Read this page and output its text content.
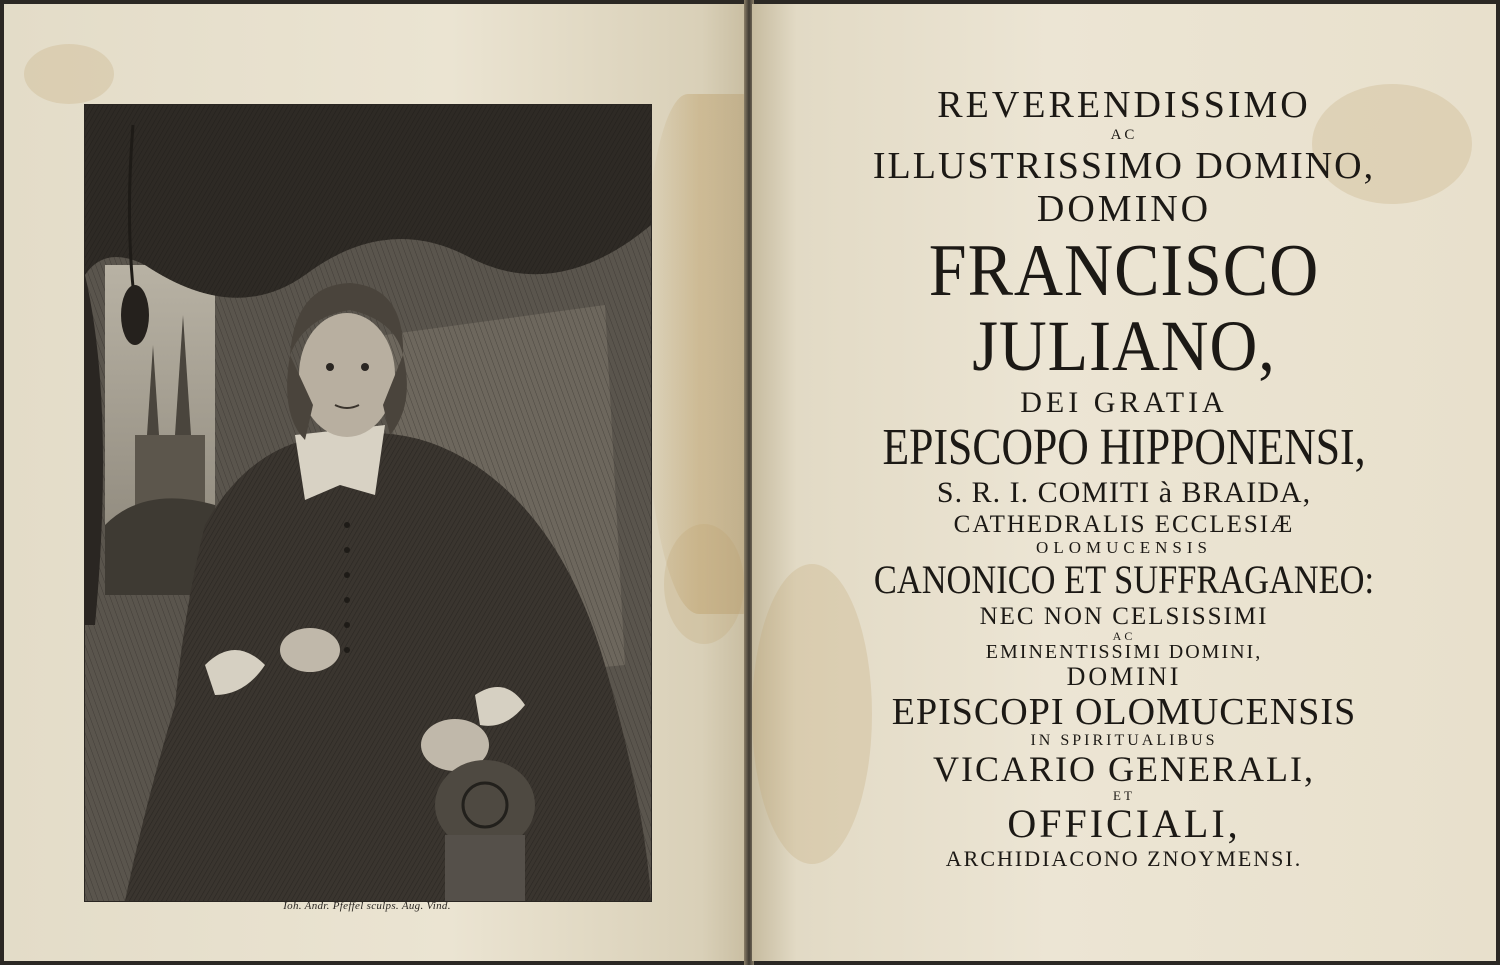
Ioh. Andr. Pfeffel sculps. Aug. Vind.
REVERENDISSIMO
AC
ILLUSTRISSIMO DOMINO,
DOMINO
FRANCISCO
JULIANO,
DEI GRATIA
EPISCOPO HIPPONENSI,
S. R. I. COMITI à BRAIDA,
CATHEDRALIS ECCLESIÆ
OLOMUCENSIS
CANONICO ET SUFFRAGANEO:
NEC NON CELSISSIMI
AC
EMINENTISSIMI DOMINI,
DOMINI
EPISCOPI OLOMUCENSIS
IN SPIRITUALIBUS
VICARIO GENERALI,
ET
OFFICIALI,
ARCHIDIACONO ZNOYMENSI.
